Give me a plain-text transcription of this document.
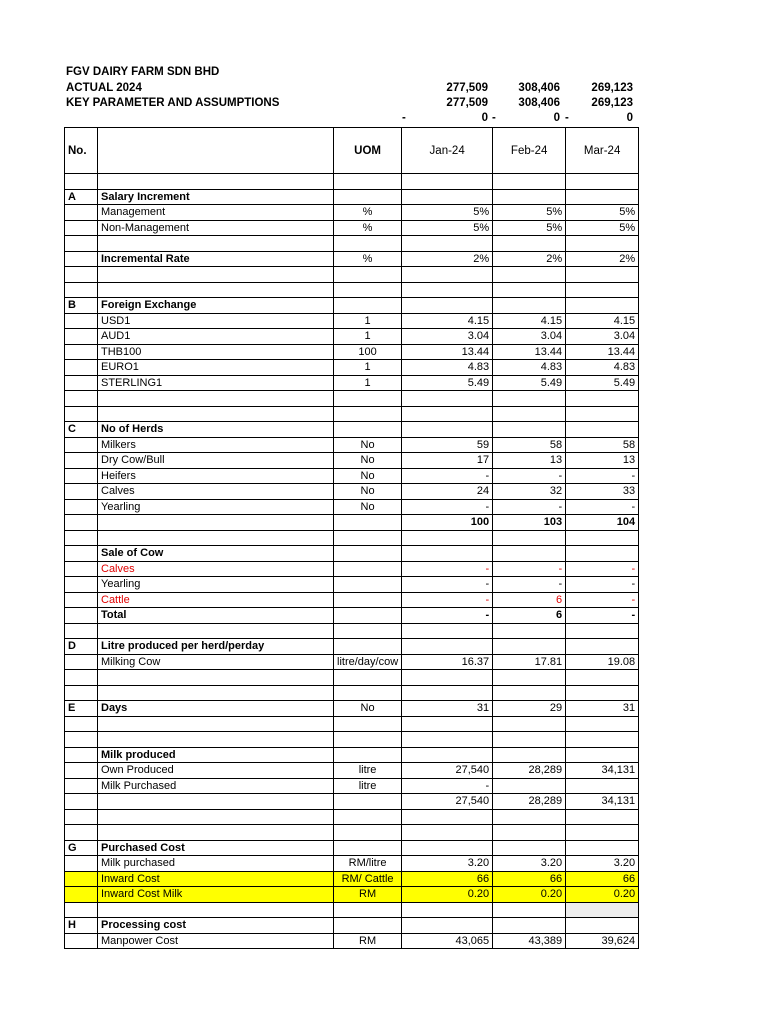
FGV DAIRY FARM SDN BHD
ACTUAL 2024
KEY PARAMETER AND ASSUMPTIONS
277,509	308,406	269,123
277,509	308,406	269,123
-	0 -	0 -	0
No.		UOM	Jan-24	Feb-24	Mar-24

A	Salary Increment				
	Management	%	5%	5%	5%
	Non-Management	%	5%	5%	5%

	Incremental Rate	%	2%	2%	2%

B	Foreign Exchange				
	USD1	1	4.15	4.15	4.15
	AUD1	1	3.04	3.04	3.04
	THB100	100	13.44	13.44	13.44
	EURO1	1	4.83	4.83	4.83
	STERLING1	1	5.49	5.49	5.49

C	No of Herds				
	Milkers	No	59	58	58
	Dry Cow/Bull	No	17	13	13
	Heifers	No	-	-	-
	Calves	No	24	32	33
	Yearling	No	-	-	-
			100	103	104

	Sale of Cow				
	Calves		-	-	-
	Yearling		-	-	-
	Cattle		-	6	-
	Total		-	6	-

D	Litre produced per herd/perday				
	Milking Cow	litre/day/cow	16.37	17.81	19.08

E	Days	No	31	29	31

	Milk produced				
	Own Produced	litre	27,540	28,289	34,131
	Milk Purchased	litre	-		
			27,540	28,289	34,131

G	Purchased Cost				
	Milk purchased	RM/litre	3.20	3.20	3.20
	Inward Cost	RM/ Cattle	66	66	66
	Inward Cost Milk	RM	0.20	0.20	0.20

H	Processing cost				
	Manpower Cost	RM	43,065	43,389	39,624
